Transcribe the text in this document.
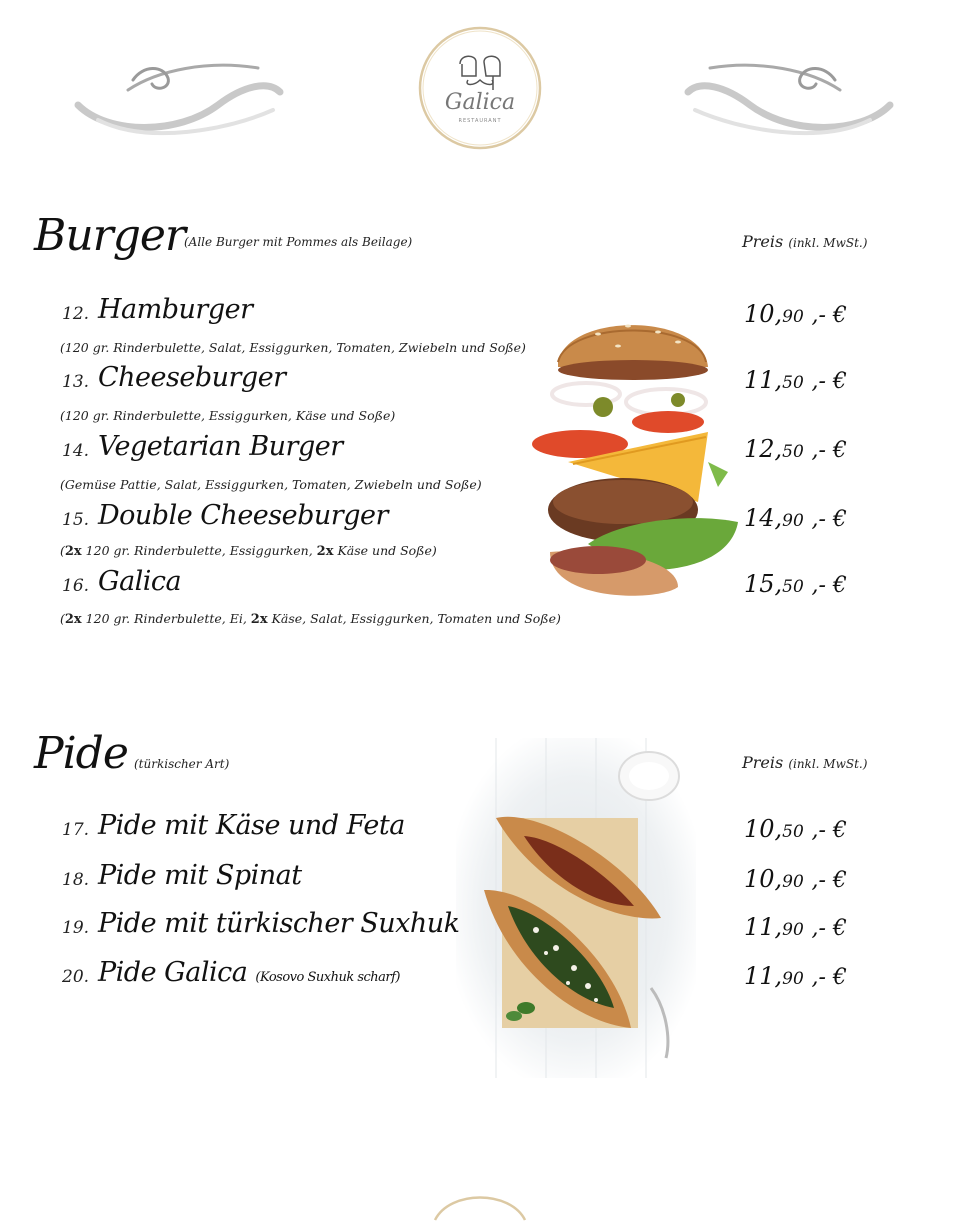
Galica
RESTAURANT
Burger (Alle Burger mit Pommes als Beilage)	Preis (inkl. MwSt.)
12. Hamburger
(120 gr. Rinderbulette, Salat, Essiggurken, Tomaten, Zwiebeln und Soße)
10,90 ,- €
13. Cheeseburger
(120 gr. Rinderbulette, Essiggurken, Käse und Soße)
11,50 ,- €
14. Vegetarian Burger
(Gemüse Pattie, Salat, Essiggurken, Tomaten, Zwiebeln und Soße)
12,50 ,- €
15. Double Cheeseburger
(2x 120 gr. Rinderbulette, Essiggurken, 2x Käse und Soße)
14,90 ,- €
16. Galica
(2x 120 gr. Rinderbulette, Ei, 2x Käse, Salat, Essiggurken, Tomaten und Soße)
15,50 ,- €
Pide (türkischer Art)	Preis (inkl. MwSt.)
17. Pide mit Käse und Feta	10,50 ,- €
18. Pide mit Spinat	10,90 ,- €
19. Pide mit türkischer Suxhuk	11,90 ,- €
20. Pide Galica (Kosovo Suxhuk scharf)	11,90 ,- €
